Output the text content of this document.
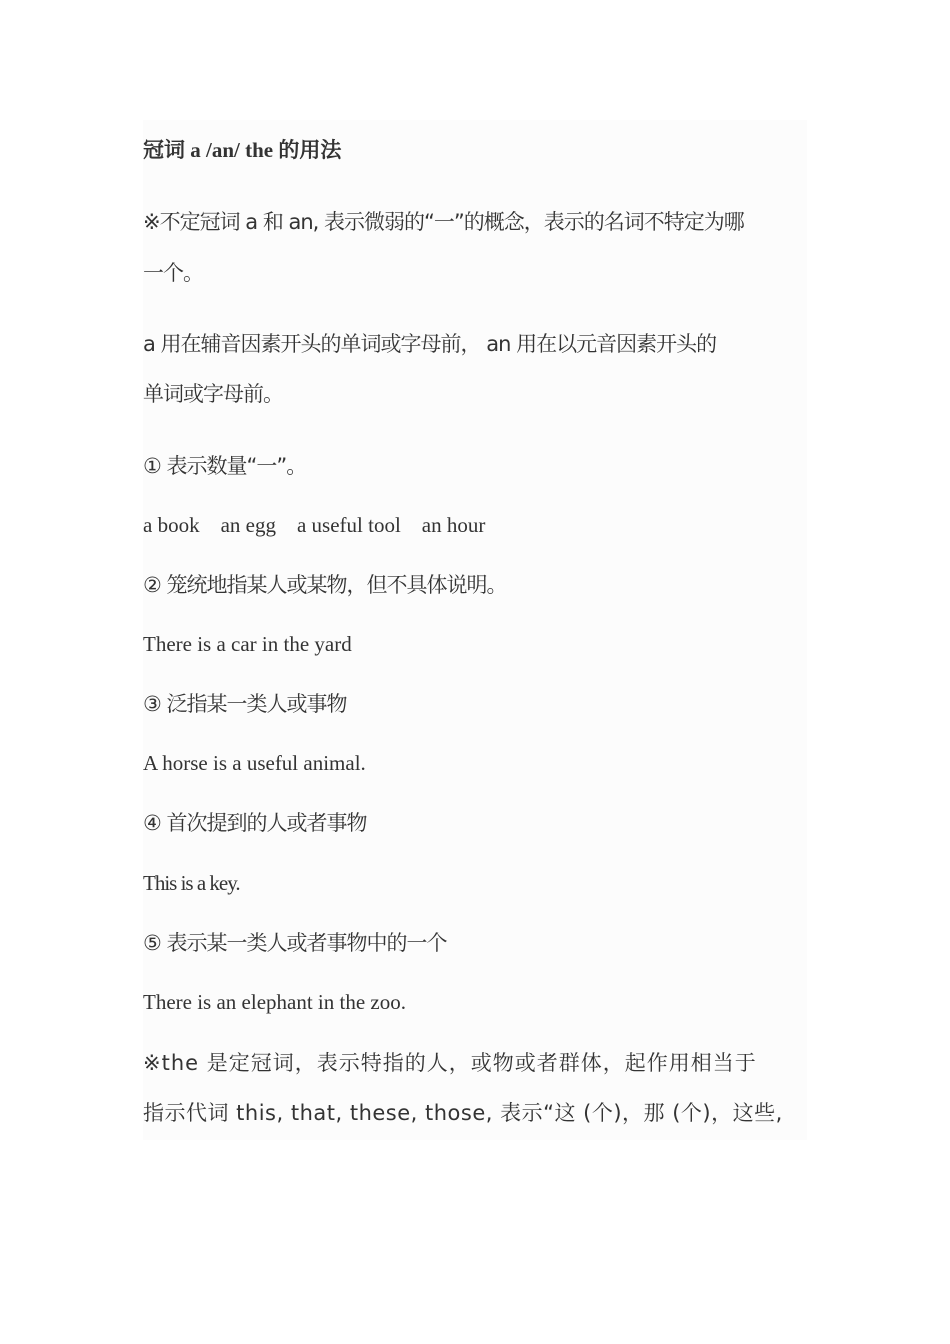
冠词 a /an/ the 的用法
※不定冠词 a 和 an, 表示微弱的“一”的概念，表示的名词不特定为哪
一个。
a 用在辅音因素开头的单词或字母前， an 用在以元音因素开头的
单词或字母前。
① 表示数量“一”。
a book    an egg    a useful tool    an hour
② 笼统地指某人或某物，但不具体说明。
There is a car in the yard
③ 泛指某一类人或事物
A horse is a useful animal.
④ 首次提到的人或者事物
This is a key.
⑤ 表示某一类人或者事物中的一个
There is an elephant in the zoo.
※the 是定冠词，表示特指的人，或物或者群体，起作用相当于
指示代词 this, that, these, those, 表示“这 (个)，那 (个)，这些,
